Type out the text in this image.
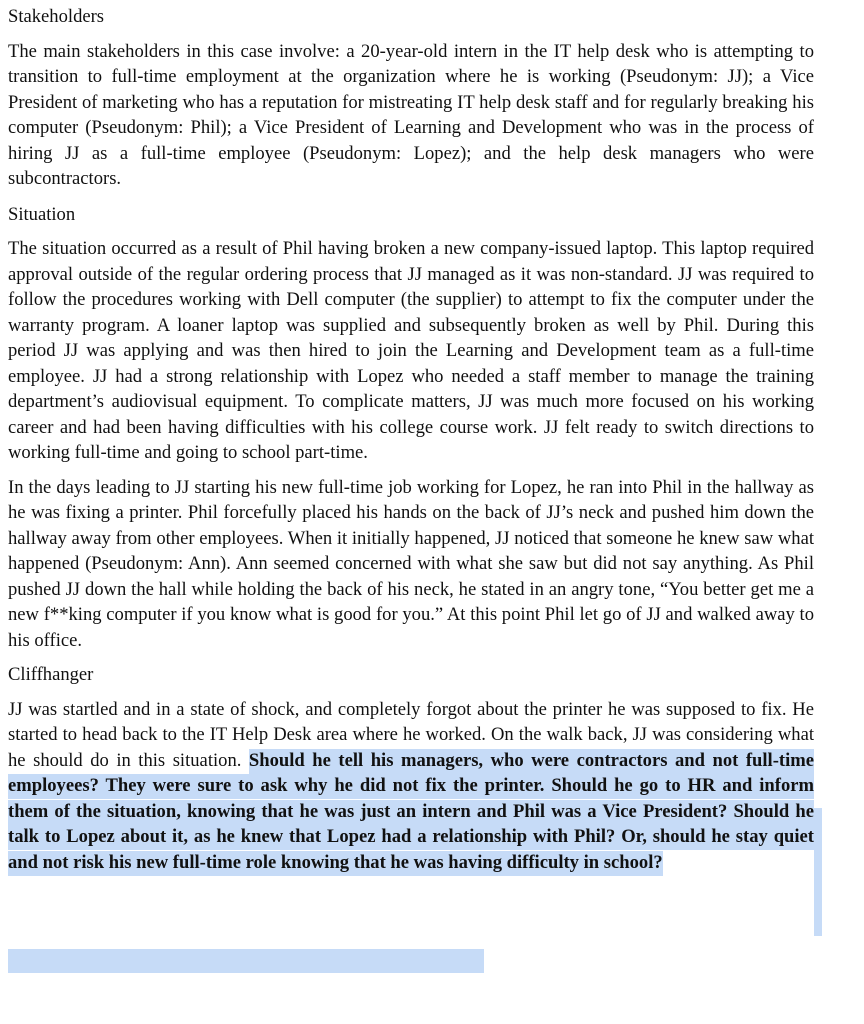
Stakeholders
The main stakeholders in this case involve: a 20-year-old intern in the IT help desk who is attempting to transition to full-time employment at the organization where he is working (Pseudonym: JJ); a Vice President of marketing who has a reputation for mistreating IT help desk staff and for regularly breaking his computer (Pseudonym: Phil); a Vice President of Learning and Development who was in the process of hiring JJ as a full-time employee (Pseudonym: Lopez); and the help desk managers who were subcontractors.
Situation
The situation occurred as a result of Phil having broken a new company-issued laptop. This laptop required approval outside of the regular ordering process that JJ managed as it was non-standard. JJ was required to follow the procedures working with Dell computer (the supplier) to attempt to fix the computer under the warranty program. A loaner laptop was supplied and subsequently broken as well by Phil. During this period JJ was applying and was then hired to join the Learning and Development team as a full-time employee. JJ had a strong relationship with Lopez who needed a staff member to manage the training department’s audiovisual equipment. To complicate matters, JJ was much more focused on his working career and had been having difficulties with his college course work. JJ felt ready to switch directions to working full-time and going to school part-time.
In the days leading to JJ starting his new full-time job working for Lopez, he ran into Phil in the hallway as he was fixing a printer. Phil forcefully placed his hands on the back of JJ’s neck and pushed him down the hallway away from other employees. When it initially happened, JJ noticed that someone he knew saw what happened (Pseudonym: Ann). Ann seemed concerned with what she saw but did not say anything. As Phil pushed JJ down the hall while holding the back of his neck, he stated in an angry tone, “You better get me a new f**king computer if you know what is good for you.” At this point Phil let go of JJ and walked away to his office.
Cliffhanger
JJ was startled and in a state of shock, and completely forgot about the printer he was supposed to fix. He started to head back to the IT Help Desk area where he worked. On the walk back, JJ was considering what he should do in this situation. Should he tell his managers, who were contractors and not full-time employees? They were sure to ask why he did not fix the printer. Should he go to HR and inform them of the situation, knowing that he was just an intern and Phil was a Vice President? Should he talk to Lopez about it, as he knew that Lopez had a relationship with Phil? Or, should he stay quiet and not risk his new full-time role knowing that he was having difficulty in school?
